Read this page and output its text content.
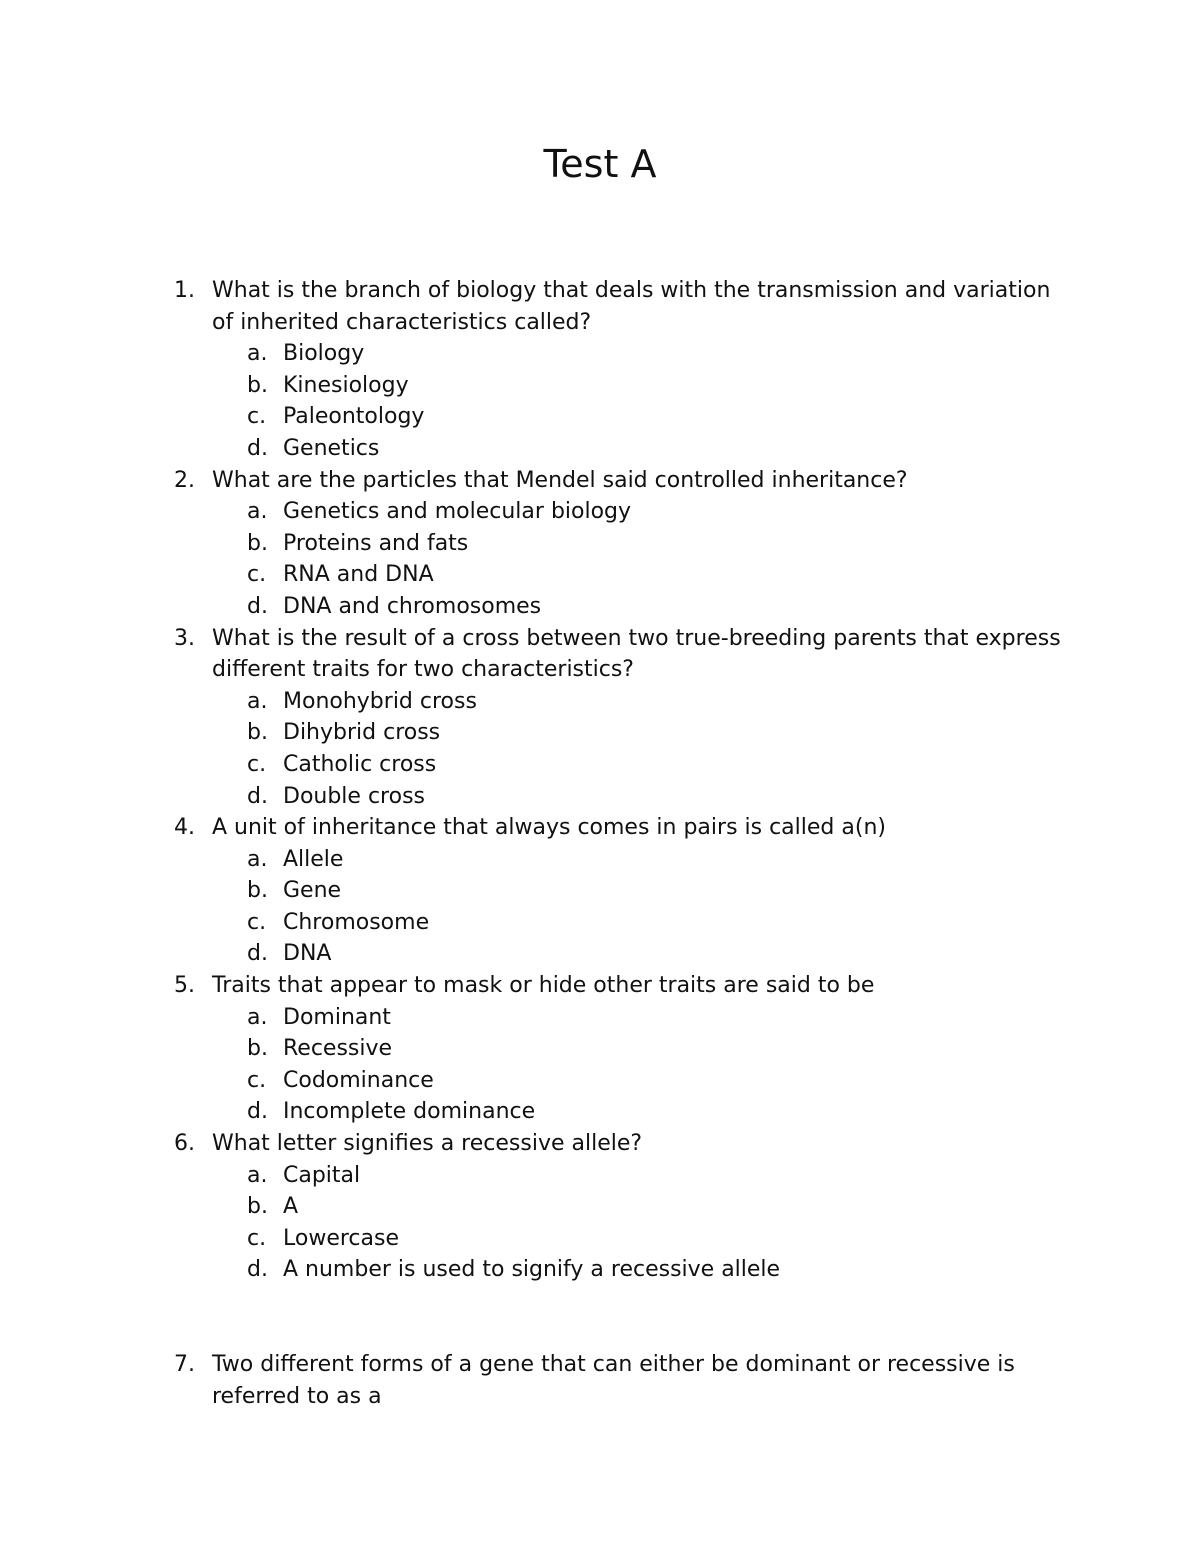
Test A
1. What is the branch of biology that deals with the transmission and variation of inherited characteristics called?
a. Biology
b. Kinesiology
c. Paleontology
d. Genetics
2. What are the particles that Mendel said controlled inheritance?
a. Genetics and molecular biology
b. Proteins and fats
c. RNA and DNA
d. DNA and chromosomes
3. What is the result of a cross between two true-breeding parents that express different traits for two characteristics?
a. Monohybrid cross
b. Dihybrid cross
c. Catholic cross
d. Double cross
4. A unit of inheritance that always comes in pairs is called a(n)
a. Allele
b. Gene
c. Chromosome
d. DNA
5. Traits that appear to mask or hide other traits are said to be
a. Dominant
b. Recessive
c. Codominance
d. Incomplete dominance
6. What letter signifies a recessive allele?
a. Capital
b. A
c. Lowercase
d. A number is used to signify a recessive allele
7. Two different forms of a gene that can either be dominant or recessive is referred to as a
